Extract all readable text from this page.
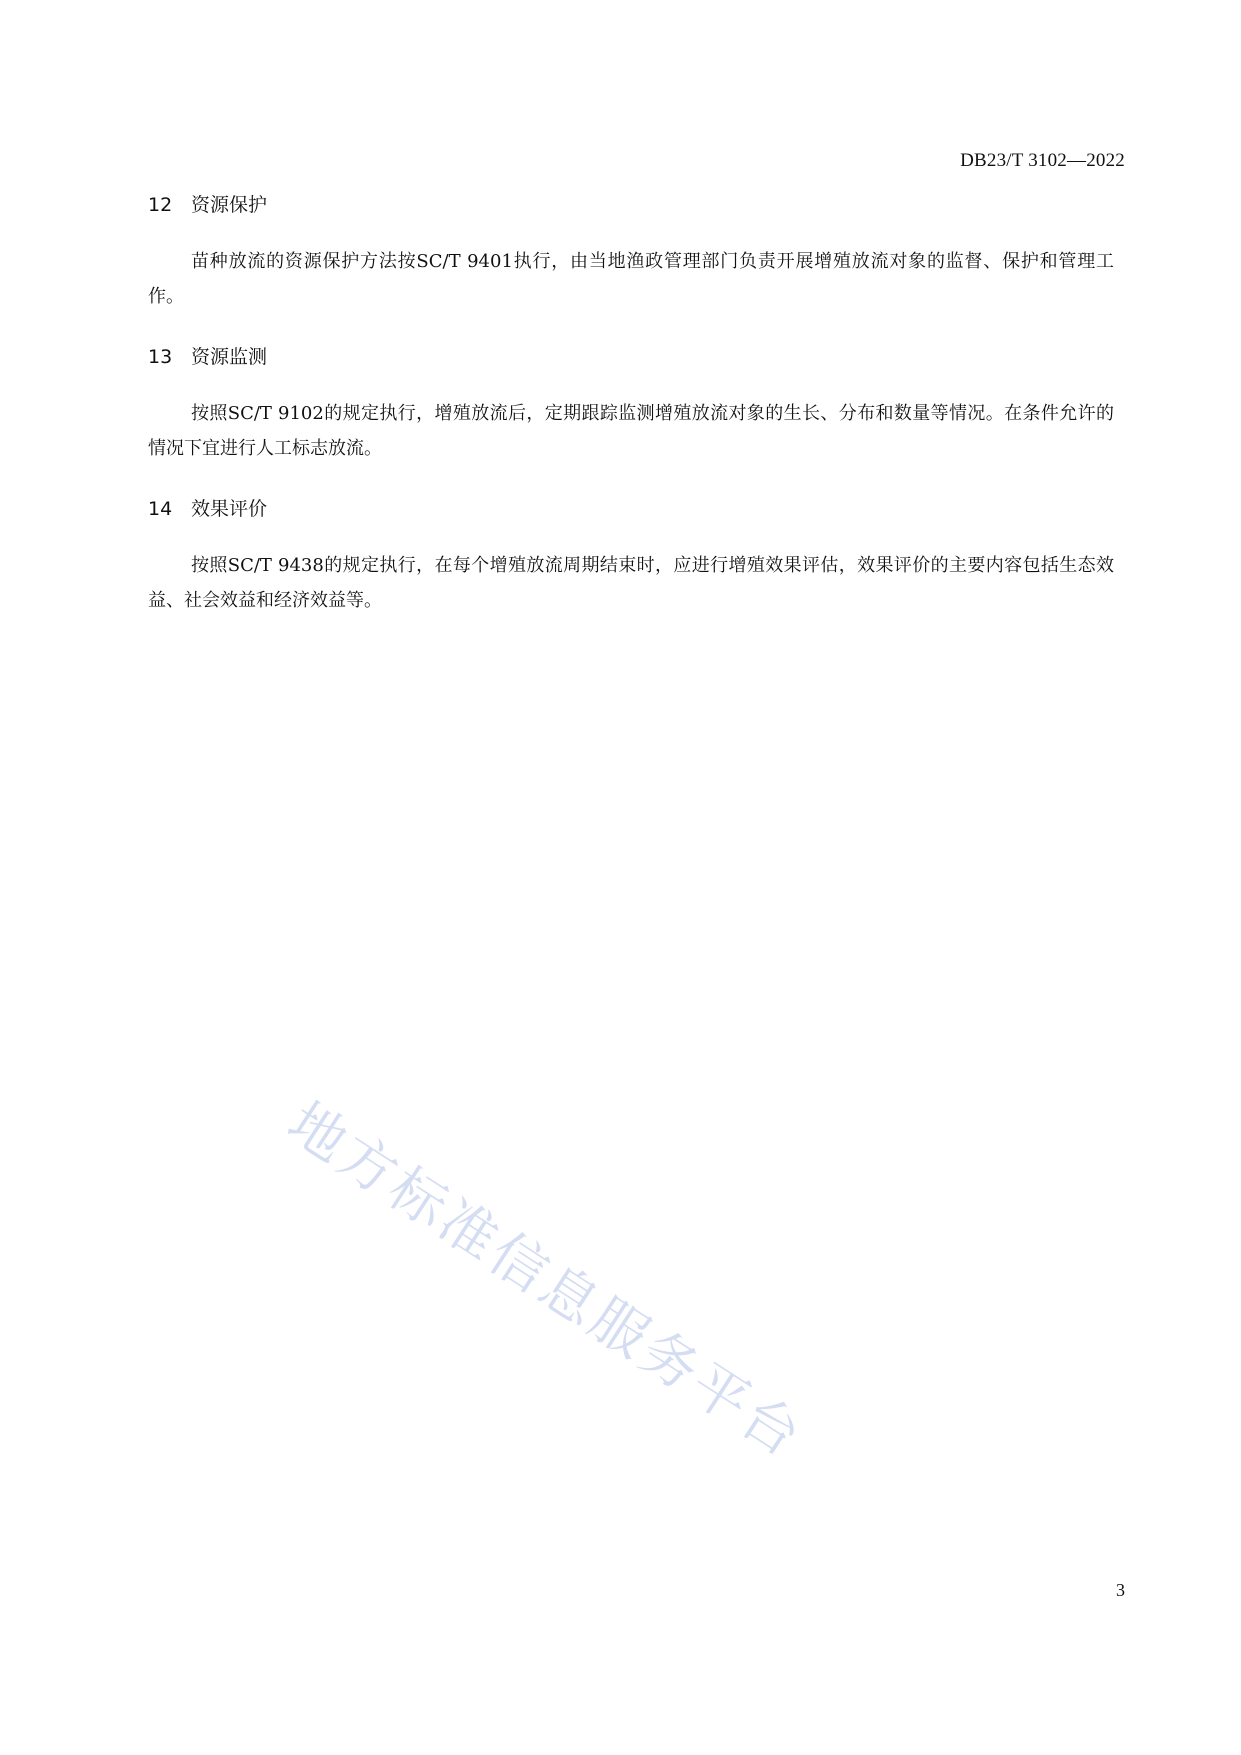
DB23/T 3102—2022
12 资源保护

苗种放流的资源保护方法按SC/T 9401执行，由当地渔政管理部门负责开展增殖放流对象的监督、保护和管理工作。

13 资源监测

按照SC/T 9102的规定执行，增殖放流后，定期跟踪监测增殖放流对象的生长、分布和数量等情况。在条件允许的情况下宜进行人工标志放流。

14 效果评价

按照SC/T 9438的规定执行，在每个增殖放流周期结束时，应进行增殖效果评估，效果评价的主要内容包括生态效益、社会效益和经济效益等。

地方标准信息服务平台
3
